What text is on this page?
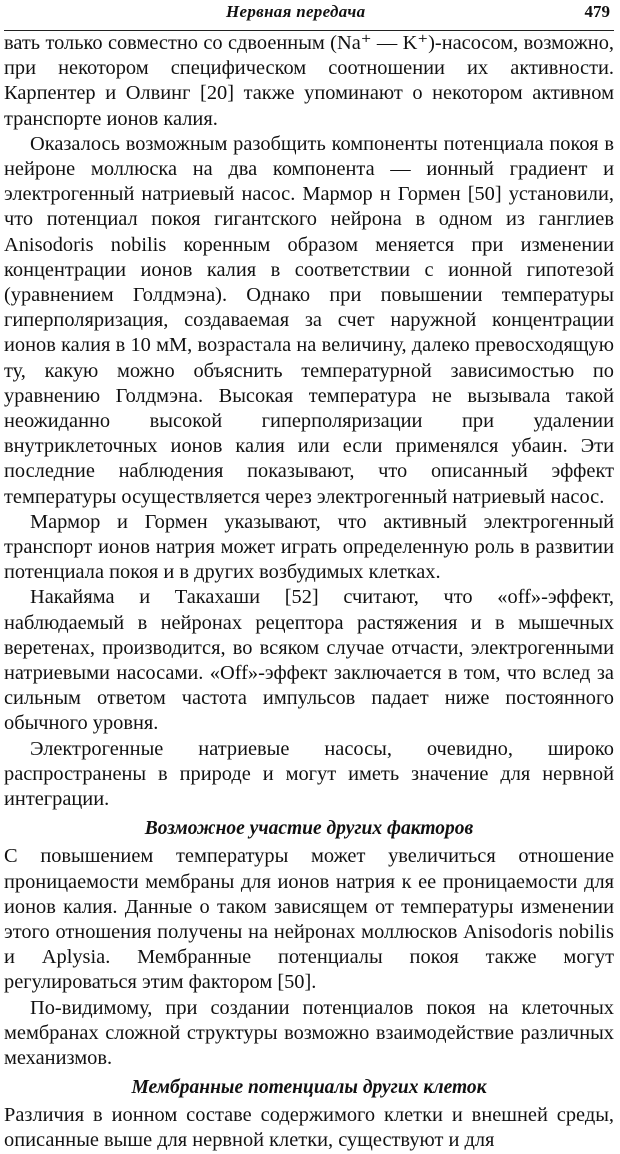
Нервная передача	479

вать только совместно со сдвоенным (Na⁺ — K⁺)-насосом, возможно, при некотором специфическом соотношении их активности. Карпентер и Олвинг [20] также упоминают о некотором активном транспорте ионов калия.

Оказалось возможным разобщить компоненты потенциала покоя в нейроне моллюска на два компонента — ионный градиент и электрогенный натриевый насос. Мармор н Гормен [50] установили, что потенциал покоя гигантского нейрона в одном из ганглиев Anisodoris nobilis коренным образом меняется при изменении концентрации ионов калия в соответствии с ионной гипотезой (уравнением Голдмэна). Однако при повышении температуры гиперполяризация, создаваемая за счет наружной концентрации ионов калия в 10 мМ, возрастала на величину, далеко превосходящую ту, какую можно объяснить температурной зависимостью по уравнению Голдмэна. Высокая температура не вызывала такой неожиданно высокой гиперполяризации при удалении внутриклеточных ионов калия или если применялся убаин. Эти последние наблюдения показывают, что описанный эффект температуры осуществляется через электрогенный натриевый насос.

Мармор и Гормен указывают, что активный электрогенный транспорт ионов натрия может играть определенную роль в развитии потенциала покоя и в других возбудимых клетках.

Накайяма и Такахаши [52] считают, что «off»-эффект, наблюдаемый в нейронах рецептора растяжения и в мышечных веретенах, производится, во всяком случае отчасти, электрогенными натриевыми насосами. «Off»-эффект заключается в том, что вслед за сильным ответом частота импульсов падает ниже постоянного обычного уровня.

Электрогенные натриевые насосы, очевидно, широко распространены в природе и могут иметь значение для нервной интеграции.

Возможное участие других факторов

С повышением температуры может увеличиться отношение проницаемости мембраны для ионов натрия к ее проницаемости для ионов калия. Данные о таком зависящем от температуры изменении этого отношения получены на нейронах моллюсков Anisodoris nobilis и Aplysia. Мембранные потенциалы покоя также могут регулироваться этим фактором [50].

По-видимому, при создании потенциалов покоя на клеточных мембранах сложной структуры возможно взаимодействие различных механизмов.

Мембранные потенциалы других клеток

Различия в ионном составе содержимого клетки и внешней среды, описанные выше для нервной клетки, существуют и для
